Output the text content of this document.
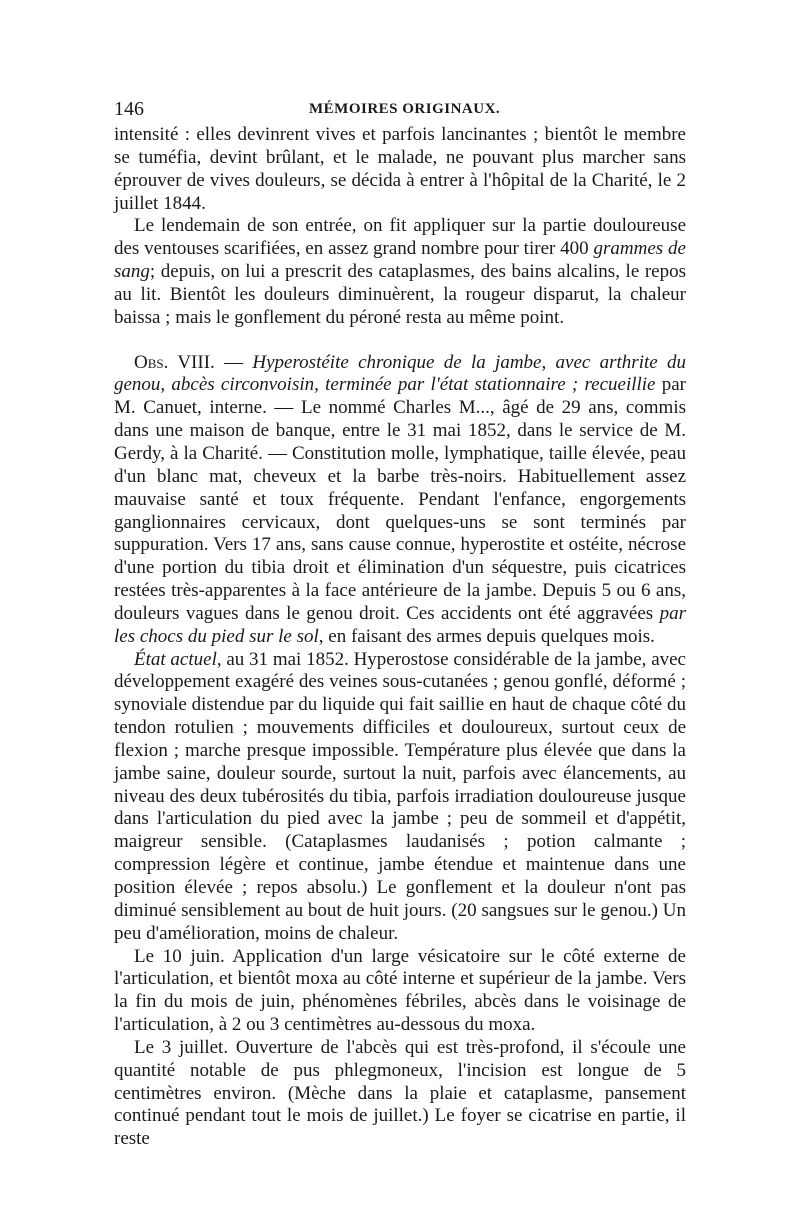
146	MÉMOIRES ORIGINAUX.

intensité : elles devinrent vives et parfois lancinantes ; bientôt le membre se tuméfia, devint brûlant, et le malade, ne pouvant plus marcher sans éprouver de vives douleurs, se décida à entrer à l'hôpital de la Charité, le 2 juillet 1844.

Le lendemain de son entrée, on fit appliquer sur la partie douloureuse des ventouses scarifiées, en assez grand nombre pour tirer 400 grammes de sang; depuis, on lui a prescrit des cataplasmes, des bains alcalins, le repos au lit. Bientôt les douleurs diminuèrent, la rougeur disparut, la chaleur baissa ; mais le gonflement du péroné resta au même point.

Obs. VIII. — Hyperostéite chronique de la jambe, avec arthrite du genou, abcès circonvoisin, terminée par l'état stationnaire ; recueillie par M. Canuet, interne. — Le nommé Charles M..., âgé de 29 ans, commis dans une maison de banque, entre le 31 mai 1852, dans le service de M. Gerdy, à la Charité. — Constitution molle, lymphatique, taille élevée, peau d'un blanc mat, cheveux et la barbe très-noirs. Habituellement assez mauvaise santé et toux fréquente. Pendant l'enfance, engorgements ganglionnaires cervicaux, dont quelques-uns se sont terminés par suppuration. Vers 17 ans, sans cause connue, hyperostite et ostéite, nécrose d'une portion du tibia droit et élimination d'un séquestre, puis cicatrices restées très-apparentes à la face antérieure de la jambe. Depuis 5 ou 6 ans, douleurs vagues dans le genou droit. Ces accidents ont été aggravées par les chocs du pied sur le sol, en faisant des armes depuis quelques mois.

État actuel, au 31 mai 1852. Hyperostose considérable de la jambe, avec développement exagéré des veines sous-cutanées ; genou gonflé, déformé ; synoviale distendue par du liquide qui fait saillie en haut de chaque côté du tendon rotulien ; mouvements difficiles et douloureux, surtout ceux de flexion ; marche presque impossible. Température plus élevée que dans la jambe saine, douleur sourde, surtout la nuit, parfois avec élancements, au niveau des deux tubérosités du tibia, parfois irradiation douloureuse jusque dans l'articulation du pied avec la jambe ; peu de sommeil et d'appétit, maigreur sensible. (Cataplasmes laudanisés ; potion calmante ; compression légère et continue, jambe étendue et maintenue dans une position élevée ; repos absolu.) Le gonflement et la douleur n'ont pas diminué sensiblement au bout de huit jours. (20 sangsues sur le genou.) Un peu d'amélioration, moins de chaleur.

Le 10 juin. Application d'un large vésicatoire sur le côté externe de l'articulation, et bientôt moxa au côté interne et supérieur de la jambe. Vers la fin du mois de juin, phénomènes fébriles, abcès dans le voisinage de l'articulation, à 2 ou 3 centimètres au-dessous du moxa.

Le 3 juillet. Ouverture de l'abcès qui est très-profond, il s'écoule une quantité notable de pus phlegmoneux, l'incision est longue de 5 centimètres environ. (Mèche dans la plaie et cataplasme, pansement continué pendant tout le mois de juillet.) Le foyer se cicatrise en partie, il reste
